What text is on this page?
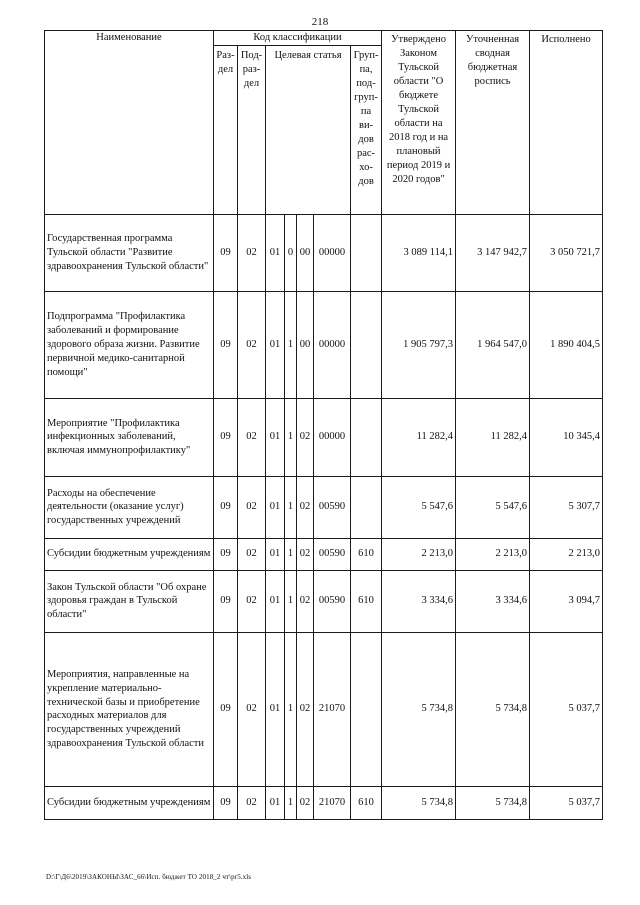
218
Наименование	Код классификации							Утверждено Законом Тульской области "О бюджете Тульской области на 2018 год и на плановый период 2019 и 2020 годов"	Уточненная сводная бюджетная роспись	Исполнено
	Раз-дел	Под-раз-дел	Целевая статья				Груп-па, под-груп-па ви-дов рас-хо-дов			
Государственная программа Тульской области "Развитие здравоохранения Тульской области"	09	02	01	0	00	00000		3 089 114,1	3 147 942,7	3 050 721,7
Подпрограмма "Профилактика заболеваний и формирование здорового образа жизни. Развитие первичной медико-санитарной помощи"	09	02	01	1	00	00000		1 905 797,3	1 964 547,0	1 890 404,5
Мероприятие "Профилактика инфекционных заболеваний, включая иммунопрофилактику"	09	02	01	1	02	00000		11 282,4	11 282,4	10 345,4
Расходы на обеспечение деятельности (оказание услуг) государственных учреждений	09	02	01	1	02	00590		5 547,6	5 547,6	5 307,7
Субсидии бюджетным учреждениям	09	02	01	1	02	00590	610	2 213,0	2 213,0	2 213,0
Закон Тульской области "Об охране здоровья граждан в Тульской области"	09	02	01	1	02	00590	610	3 334,6	3 334,6	3 094,7
Мероприятия, направленные на укрепление материально-технической базы и приобретение расходных материалов для государственных учреждений здравоохранения Тульской области	09	02	01	1	02	21070		5 734,8	5 734,8	5 037,7
Субсидии бюджетным учреждениям	09	02	01	1	02	21070	610	5 734,8	5 734,8	5 037,7
D:\Г\Д6\2019\ЗАКОНЫ\ЗАС_66\Исп. бюджет ТО 2018_2 чт\pr5.xls
